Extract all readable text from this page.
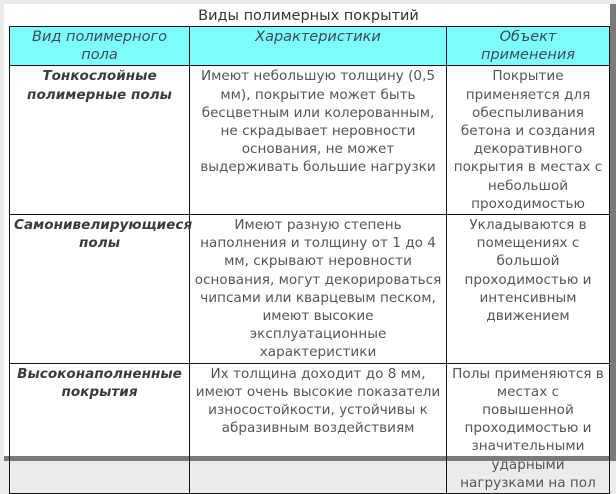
Виды полимерных покрытий
Вид полимерного пола	Характеристики	Объект применения
Тонкослойные полимерные полы	Имеют небольшую толщину (0,5 мм), покрытие может быть бесцветным или колерованным, не скрадывает неровности основания, не может выдерживать большие нагрузки	Покрытие применяется для обеспыливания бетона и создания декоративного покрытия в местах с небольшой проходимостью
Самонивелирующиеся полы	Имеют разную степень наполнения и толщину от 1 до 4 мм, скрывают неровности основания, могут декорироваться чипсами или кварцевым песком, имеют высокие эксплуатационные характеристики	Укладываются в помещениях с большой проходимостью и интенсивным движением
Высоконаполненные покрытия	Их толщина доходит до 8 мм, имеют очень высокие показатели износостойкости, устойчивы к абразивным воздействиям	Полы применяются в местах с повышенной проходимостью и значительными ударными нагрузками на пол
